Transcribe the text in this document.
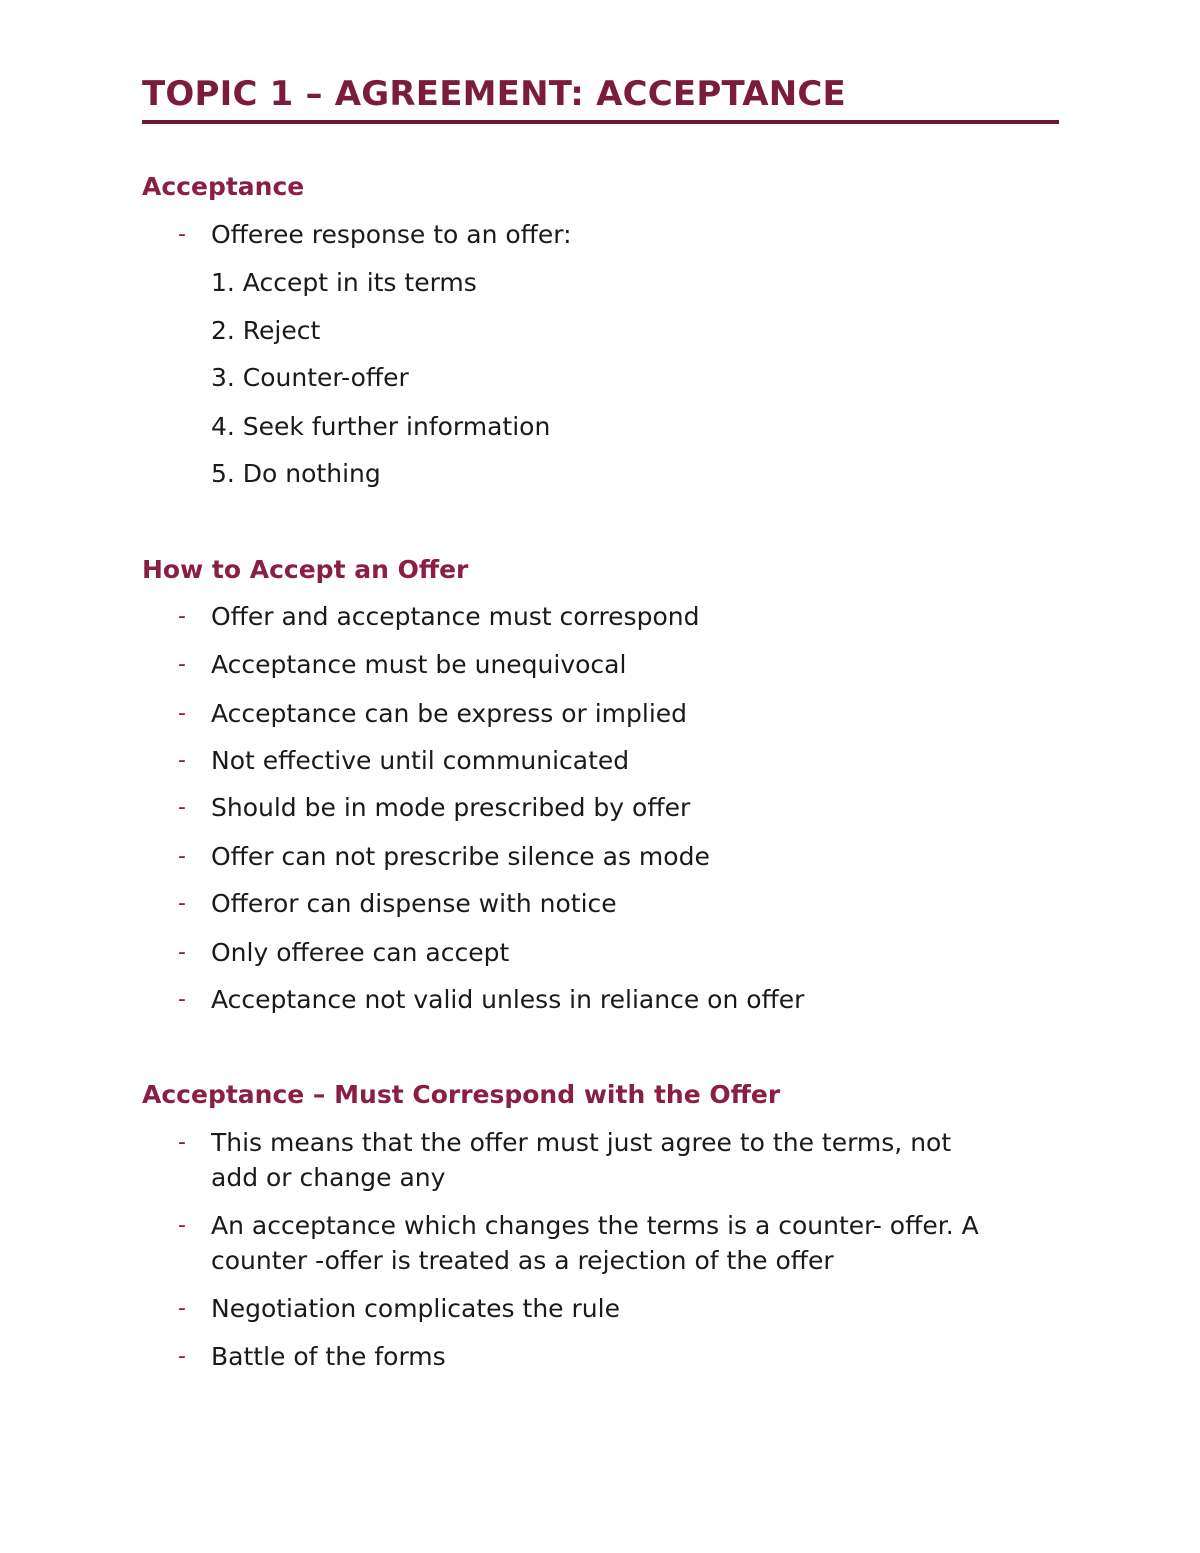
TOPIC 1 – AGREEMENT: ACCEPTANCE
Acceptance
- Offeree response to an offer:
1. Accept in its terms
2. Reject
3. Counter-offer
4. Seek further information
5. Do nothing
How to Accept an Offer
- Offer and acceptance must correspond
- Acceptance must be unequivocal
- Acceptance can be express or implied
- Not effective until communicated
- Should be in mode prescribed by offer
- Offer can not prescribe silence as mode
- Offeror can dispense with notice
- Only offeree can accept
- Acceptance not valid unless in reliance on offer
Acceptance – Must Correspond with the Offer
- This means that the offer must just agree to the terms, not add or change any
- An acceptance which changes the terms is a counter- offer. A counter -offer is treated as a rejection of the offer
- Negotiation complicates the rule
- Battle of the forms
